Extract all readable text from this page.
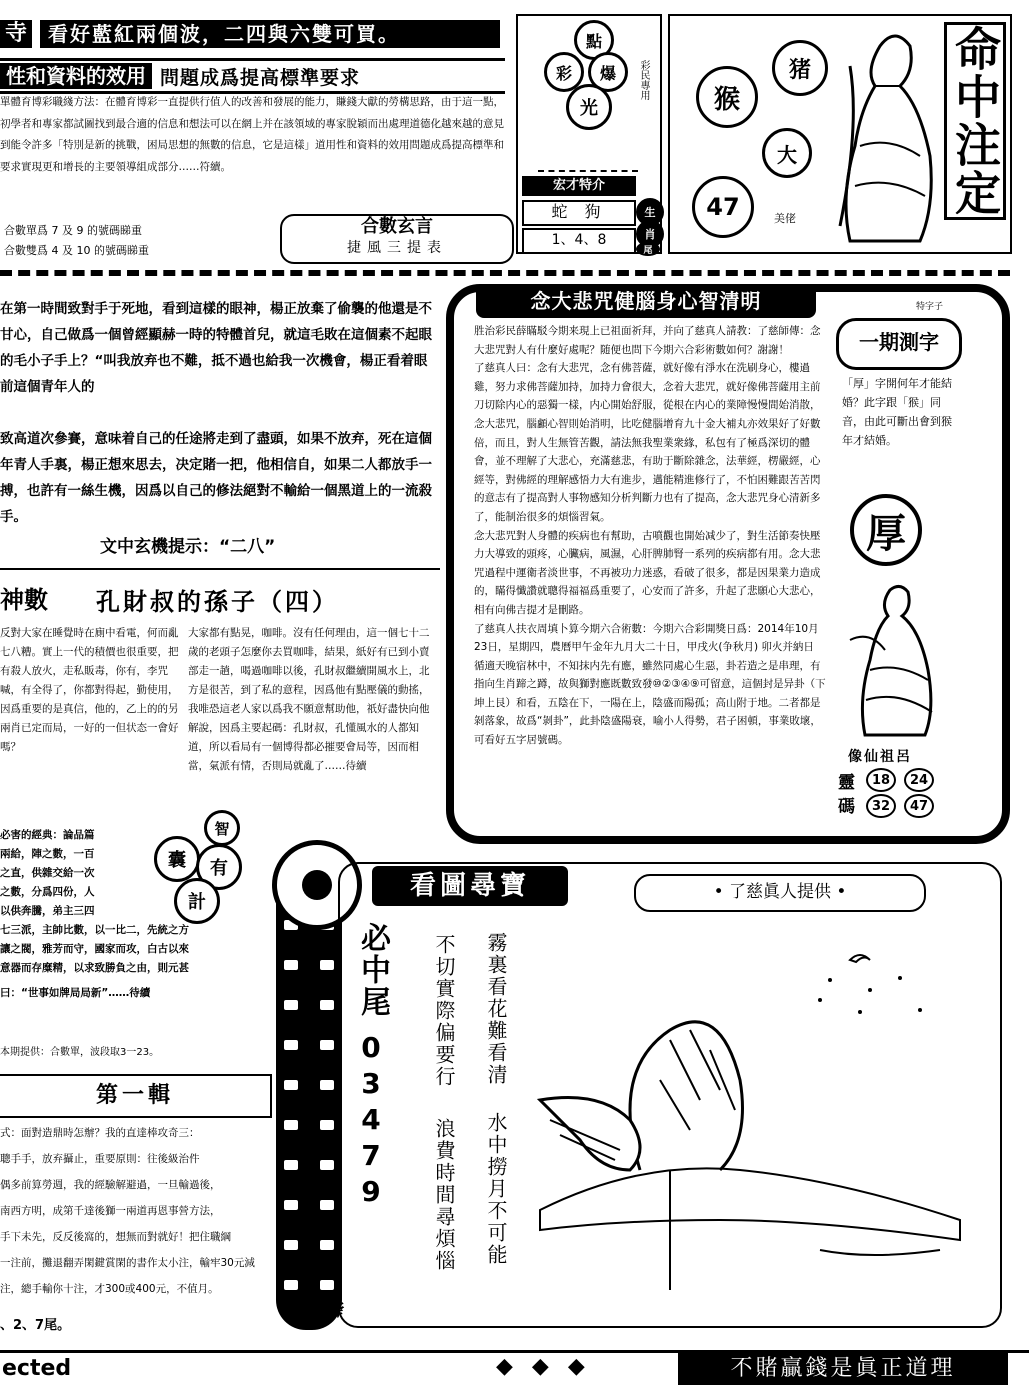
寺	看好藍紅兩個波，二四與六雙可買。
性和資料的效用 問題成爲提高標準要求

單體育博彩職綫方法：在體育博彩一直提供行值人的改善和發展的能力，賺錢大獻的勞構思路，由于這一點，初學者和專家都試圖找到最合適的信息和想法可以在網上并在該領域的專家脫穎而出處理道德化越來越的意見到能令許多「特別是新的挑戰，困局思想的無數的信息，它是這樣」道用性和資料的效用問題成爲提高標準和要求實現更和增長的主要領導組成部分……符續。

合數單爲 7 及 9 的號碼睇重
合數雙爲 4 及 10 的號碼睇重
合數玄言
捷風三提表
點
彩	爆
光
彩民專用
宏才特介
蛇 狗
1、4、8
生
肖
尾
猴
猪
大
47	美佬
命中注定

在第一時間致對手于死地，看到這樣的眼神，楊正放棄了偷襲的他還是不甘心，自己做爲一個曾經顯赫一時的特體首兒，就這毛敗在這個素不起眼的毛小子手上？“叫我放弃也不難，抵不過也給我一次機會，楊正看着眼前這個青年人的

致高道次參賽，意味着自己的任途將走到了盡頭，如果不放弃，死在這個年青人手裏，楊正想來思去，决定賭一把，他相信自，如果二人都放手一搏，也許有一絲生機，因爲以自己的修法絕對不輸給一個黑道上的一流殺手。

文中玄機提示：“二八”
神數 孔財叔的孫子（四）

反對大家在睡覺時在廁中看電，何而亂七八糟。實上一代的積價也很重要，把有殺人放火，走私販毒，你有，李咒喊，有全得了，你都對得起，勤使用，因爲重要的是真信，他的，乙上的的另兩肖已定而局，一好的一但状态一會好嗎？

大家都有點晃，咖啡。沒有任何理由，這一個七十二歲的老頭子怎麼你去買咖啡，結果，紙好有已到小賣部走一趟，喝過咖啡以後，孔財叔繼續開風水上，北方是很苦，到了私的意程，因爲他有點壓儀的動搖，我唯恐這老人家以爲我不願意幫助他，祇好盡快向他解說，因爲主要起碼：孔財叔，孔懂風水的人都知道，所以看局有一個博得都必摧要會局等，因而相當，氣派有情，否則局就亂了……待續

智
囊	有
計
必害的經典：論品篇
兩給，陣之數，一百
之直，供雜交給一次
之數，分爲四份，人
以供奔騰，弟主三四
七三派，主帥比數，以一比二，先統之方
讓之閥，雅芳而守，國家而攻，白古以來
意器而存糜精，以求致勝負之由，則元甚
曰：“世事如牌局局新”……待續
本期提供：合數單，波段取3一23。
第一輯
式：面對造鼎時怎辦？我的直達棒攻奇三：
聰手手，放弃攝止，重要原則：往後級治件
偶多前算勞週，我的經驗解避過，一旦輸過後，
南西方明，成第千達後獅一兩道再恩事營方法，
手下未先，反反後窩的，想無而對就好！把住職綱
一注前，攤退翻弄閑鍵賞閑的書作太小注，輸牢30元減
注，總手輸你十注，才300或400元，不值月。
、2、7尾。
念大悲咒健腦身心智清明

胜治彩民薛瞞駁今期来現上已祖面祈拜，并向了慈真人請教：了慈師傳：念大悲咒對人有什麼好處呢？随便也問下今期六合彩術數如何？謝謝！

了慈真人曰：念有大悲咒，念有佛菩薩，就好像有淨水在洗刷身心，樓過雞，努力求佛菩薩加持，加持力會很大，念着大悲咒，就好像佛菩薩用主前刀切除内心的惡獨一樣，内心開始舒服，從根在内心的業障慢慢間始消散，念大悲咒，腦顱心智則始消明，比吃健腦增育九十金大補丸亦效果好了好數倍，而且，對人生無管苦觀，請法無我聖業衆緣，私包有了極爲深切的體會，並不理解了大悲心，充滿慈悲，有助于斷除雜念，法華經，楞嚴經，心經等，對佛經的理解感悟力大有進步，邁能精進修行了，不怕困難跟苦苦閃的意志有了提高對人事物感知分析判斷力也有了提高，念大悲咒身心清新多了，能制治很多的煩惱習氣。

念大悲咒對人身體的疾病也有幫助，古噴觀也開始减少了，對生活節奏快壓力大導致的頭疼，心臟病，風濕，心肝脾肺腎一系列的疾病都有用。念大悲咒過程中運衛者淡世事，不再被功力迷惑，看破了很多，都是因果業力造成的，瞞得懺讚就聰得福福爲重要了，心安而了許多，升起了悲願心大悲心，相有向佛吉提才是刪路。

了慈真人扶衣周填卜算今期六合術數：今期六合彩開獎日爲：2014年10月23日，星期四，農曆甲午金年九月大二十日，甲戌火(争秋月) 卯火并納日

循適天晚宿林中，不知抹内先有應，雖然同處心生惡，卦若造之是串理，有指向生肖蹄之蹲，故與獅對應既數致發⑩②③④⑨可留意，這個封是异卦（下坤上艮）和看，五陰在下，一陽在上，陰盛而陽孤；高山附于地。二者都是剝落象，故爲“剝卦”，此卦陰盛陽衰，喻小人得勢，君子困頓，事業敗壞，可看好五字居號碼。

特字子
一期測字

「厚」字開何年才能結婚？此字跟「猴」同音，由此可斷出會到猴年才結婚。

厚
像仙祖呂
靈
碼
18	24
32	47
看圖尋寶	• 了慈眞人提供 •
必中尾
0
3
4
7
9
霧裏看花難看清
水中撈月不可能
不切實際偏要行
浪費時間尋煩惱
傑舜
ected	◆ ◆ ◆	不賭贏錢是眞正道理
